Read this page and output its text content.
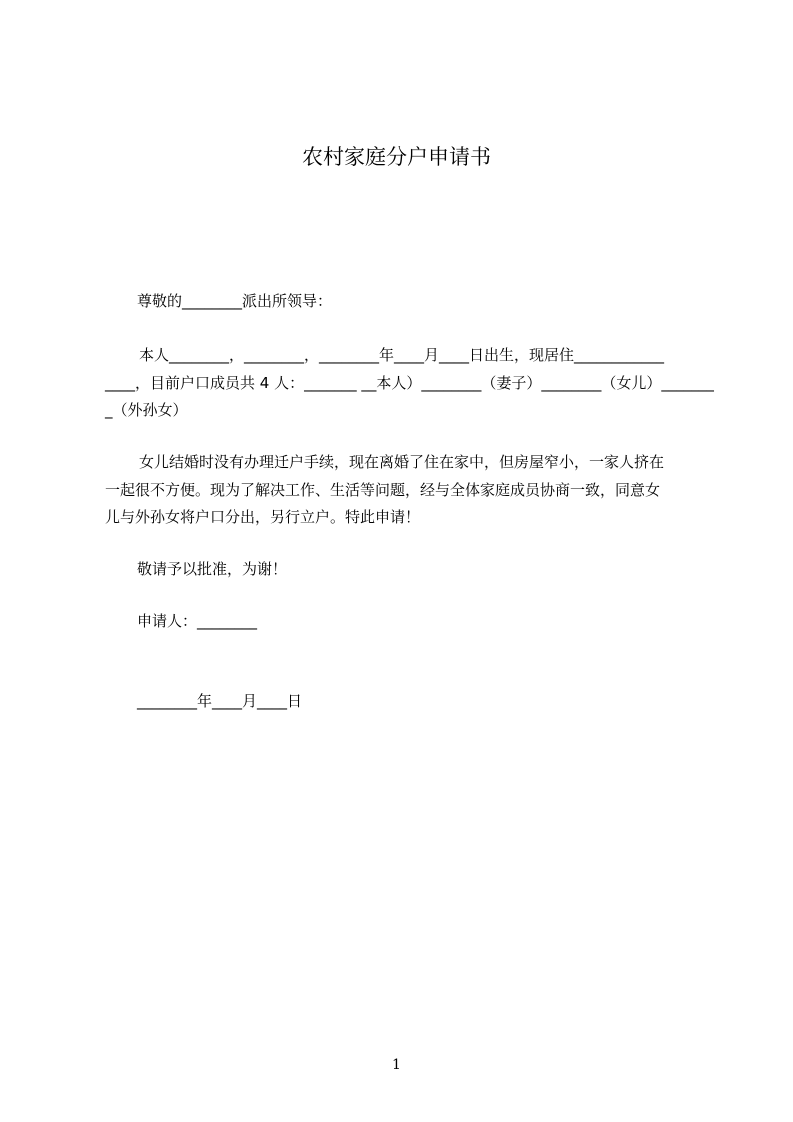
农村家庭分户申请书
尊敬的________派出所领导：
本人________，________，________年____月____日出生，现居住____________
____，目前户口成员共 4 人：_______ __本人）________（妻子）________（女儿）_______
_（外孙女）
女儿结婚时没有办理迁户手续，现在离婚了住在家中，但房屋窄小，一家人挤在
一起很不方便。现为了解决工作、生活等问题，经与全体家庭成员协商一致，同意女
儿与外孙女将户口分出，另行立户。特此申请！
敬请予以批准，为谢！
申请人：________
________年____月____日
1
